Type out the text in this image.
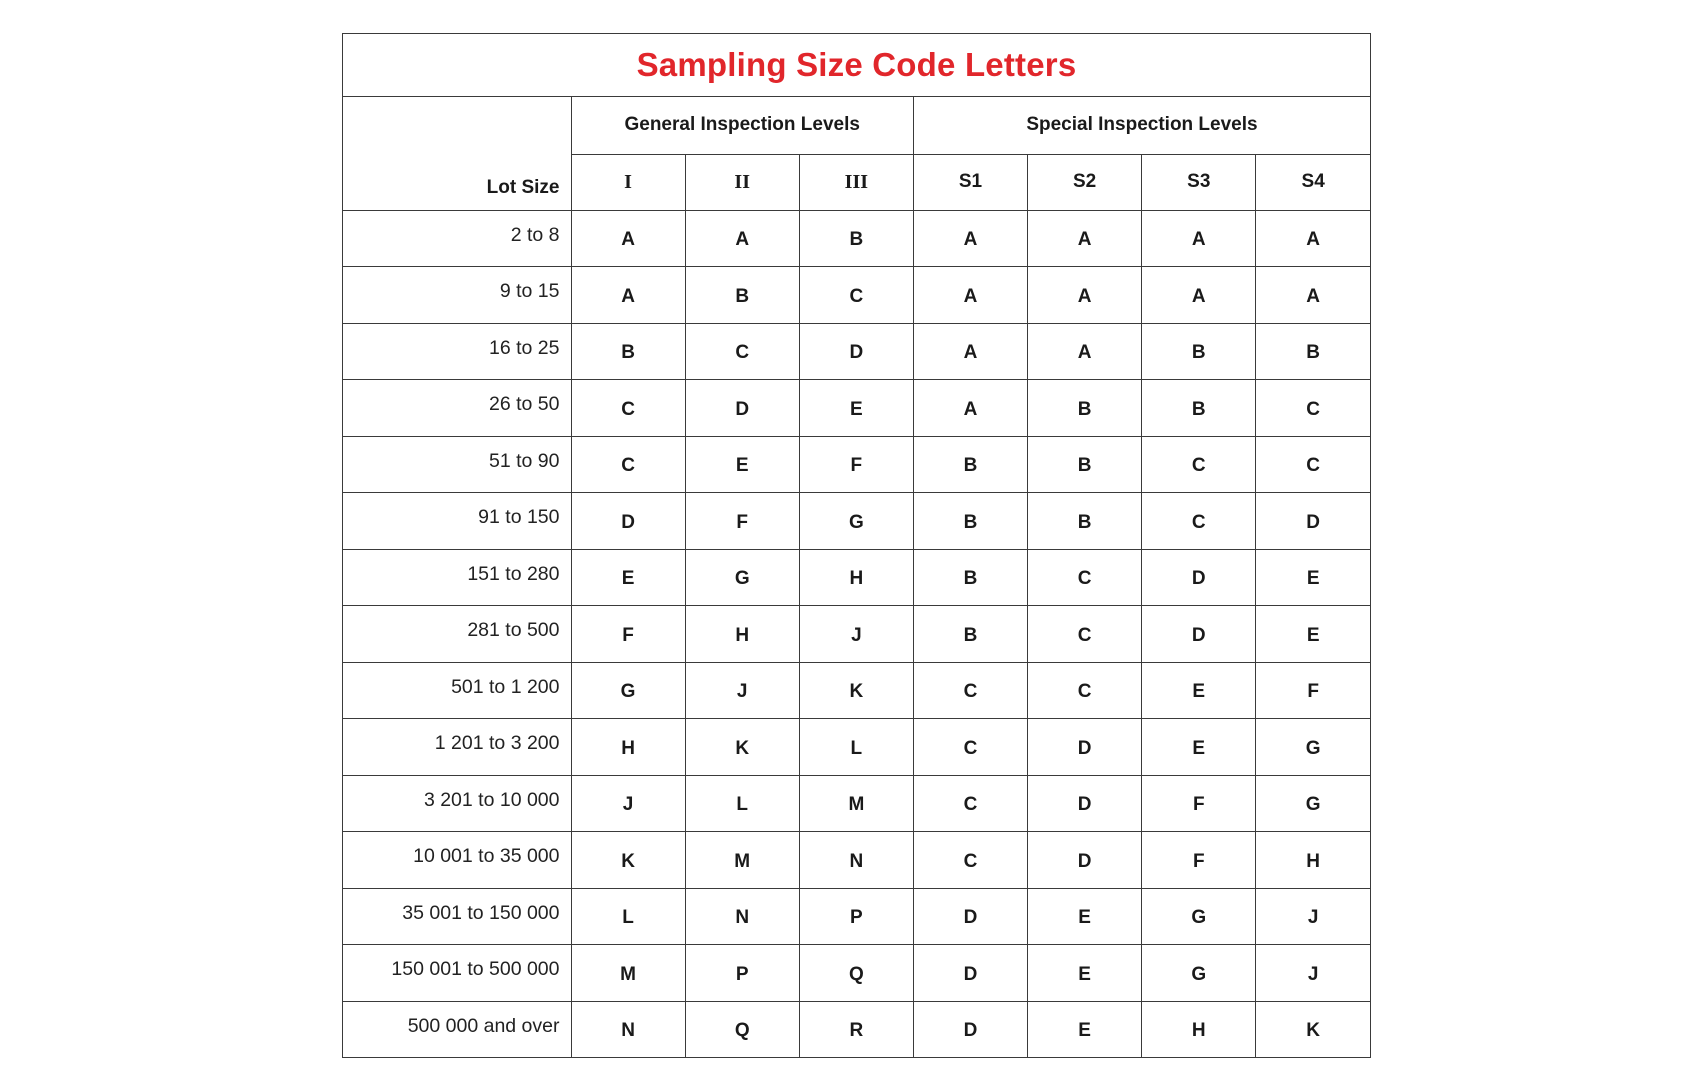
Sampling Size Code Letters							
Lot Size	General Inspection Levels			Special Inspection Levels			
	I	II	III	S1	S2	S3	S4
2 to 8	A	A	B	A	A	A	A
9 to 15	A	B	C	A	A	A	A
16 to 25	B	C	D	A	A	B	B
26 to 50	C	D	E	A	B	B	C
51 to 90	C	E	F	B	B	C	C
91 to 150	D	F	G	B	B	C	D
151 to 280	E	G	H	B	C	D	E
281 to 500	F	H	J	B	C	D	E
501 to 1 200	G	J	K	C	C	E	F
1 201 to 3 200	H	K	L	C	D	E	G
3 201 to 10 000	J	L	M	C	D	F	G
10 001 to 35 000	K	M	N	C	D	F	H
35 001 to 150 000	L	N	P	D	E	G	J
150 001 to 500 000	M	P	Q	D	E	G	J
500 000 and over	N	Q	R	D	E	H	K
